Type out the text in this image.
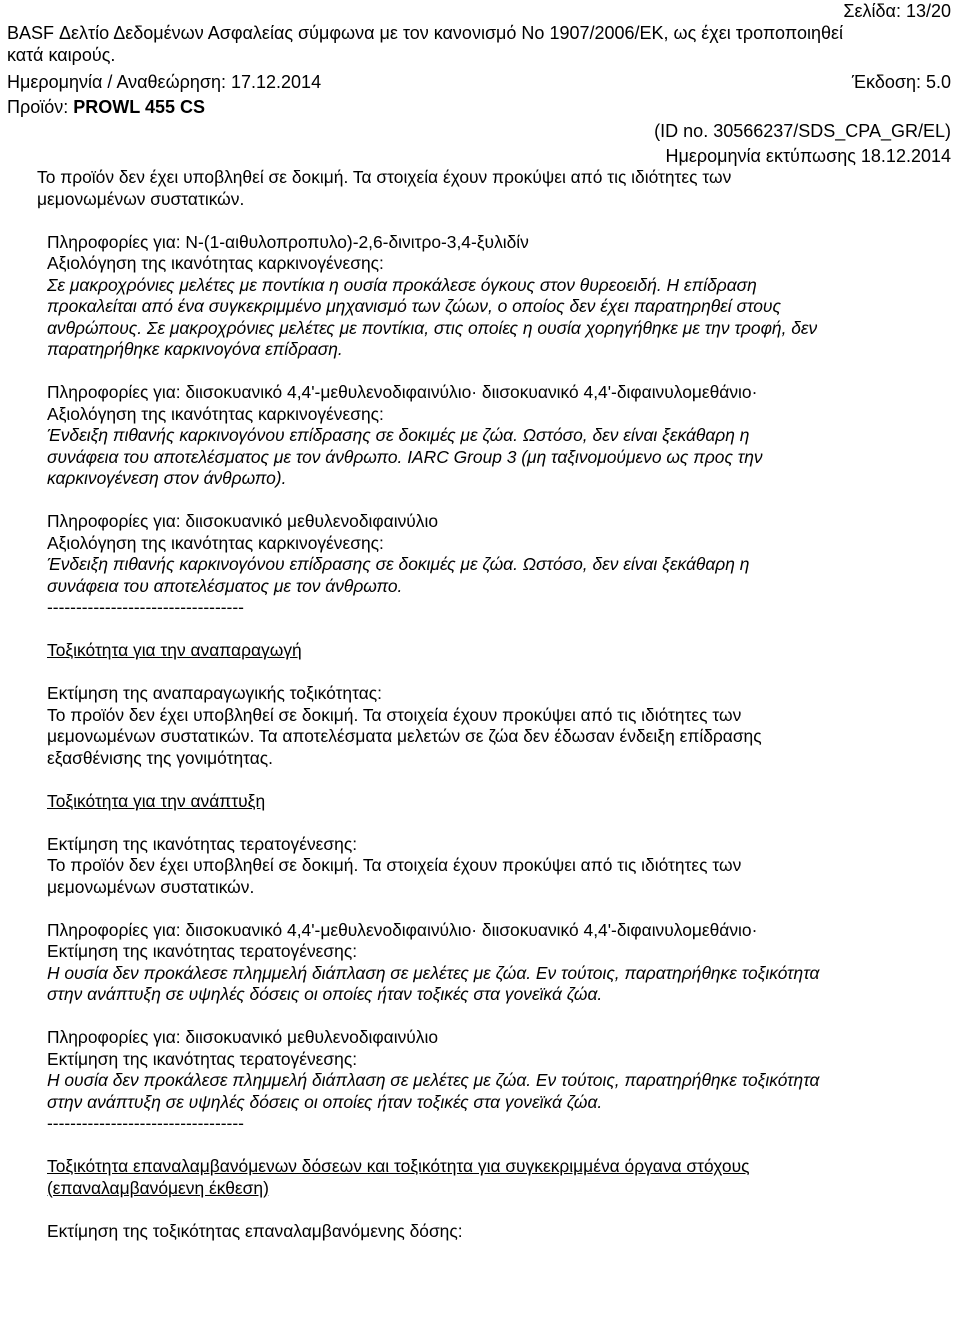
Σελίδα: 13/20
BASF Δελτίο Δεδομένων Ασφαλείας σύμφωνα με τον κανονισμό Νο 1907/2006/ΕΚ, ως έχει τροποποιηθεί
κατά καιρούς.
Ημερομηνία / Αναθεώρηση: 17.12.2014	Έκδοση: 5.0
Προϊόν: PROWL 455 CS
(ID no. 30566237/SDS_CPA_GR/EL)
Ημερομηνία εκτύπωσης 18.12.2014
Το προϊόν δεν έχει υποβληθεί σε δοκιμή. Τα στοιχεία έχουν προκύψει από τις ιδιότητες των
μεμονωμένων συστατικών.
Πληροφορίες για: N-(1-αιθυλοπροπυλο)-2,6-δινιτρο-3,4-ξυλιδίν
Αξιολόγηση της ικανότητας καρκινογένεσης:
Σε μακροχρόνιες μελέτες με ποντίκια η ουσία προκάλεσε όγκους στον θυρεοειδή. Η επίδραση
προκαλείται από ένα συγκεκριμμένο μηχανισμό των ζώων, ο οποίος δεν έχει παρατηρηθεί στους
ανθρώπους. Σε μακροχρόνιες μελέτες με ποντίκια, στις οποίες η ουσία χορηγήθηκε με την τροφή, δεν
παρατηρήθηκε καρκινογόνα επίδραση.
Πληροφορίες για: διισοκυανικό 4,4'-μεθυλενοδιφαινύλιο· διισοκυανικό 4,4'-διφαινυλομεθάνιο·
Αξιολόγηση της ικανότητας καρκινογένεσης:
Ένδειξη πιθανής καρκινογόνου επίδρασης σε δοκιμές με ζώα. Ωστόσο, δεν είναι ξεκάθαρη η
συνάφεια του αποτελέσματος με τον άνθρωπο. IARC Group 3 (μη ταξινομούμενο ως προς την
καρκινογένεση στον άνθρωπο).
Πληροφορίες για: διισοκυανικό μεθυλενοδιφαινύλιο
Αξιολόγηση της ικανότητας καρκινογένεσης:
Ένδειξη πιθανής καρκινογόνου επίδρασης σε δοκιμές με ζώα. Ωστόσο, δεν είναι ξεκάθαρη η
συνάφεια του αποτελέσματος με τον άνθρωπο.
----------------------------------
Τοξικότητα για την αναπαραγωγή
Εκτίμηση της αναπαραγωγικής τοξικότητας:
Το προϊόν δεν έχει υποβληθεί σε δοκιμή. Τα στοιχεία έχουν προκύψει από τις ιδιότητες των
μεμονωμένων συστατικών. Τα αποτελέσματα μελετών σε ζώα δεν έδωσαν ένδειξη επίδρασης
εξασθένισης της γονιμότητας.
Τοξικότητα για την ανάπτυξη
Εκτίμηση της ικανότητας τερατογένεσης:
Το προϊόν δεν έχει υποβληθεί σε δοκιμή. Τα στοιχεία έχουν προκύψει από τις ιδιότητες των
μεμονωμένων συστατικών.
Πληροφορίες για: διισοκυανικό 4,4'-μεθυλενοδιφαινύλιο· διισοκυανικό 4,4'-διφαινυλομεθάνιο·
Εκτίμηση της ικανότητας τερατογένεσης:
Η ουσία δεν προκάλεσε πλημμελή διάπλαση σε μελέτες με ζώα. Εν τούτοις, παρατηρήθηκε τοξικότητα
στην ανάπτυξη σε υψηλές δόσεις οι οποίες ήταν τοξικές στα γονεϊκά ζώα.
Πληροφορίες για: διισοκυανικό μεθυλενοδιφαινύλιο
Εκτίμηση της ικανότητας τερατογένεσης:
Η ουσία δεν προκάλεσε πλημμελή διάπλαση σε μελέτες με ζώα. Εν τούτοις, παρατηρήθηκε τοξικότητα
στην ανάπτυξη σε υψηλές δόσεις οι οποίες ήταν τοξικές στα γονεϊκά ζώα.
----------------------------------
Τοξικότητα επαναλαμβανόμενων δόσεων και τοξικότητα για συγκεκριμμένα όργανα στόχους
(επαναλαμβανόμενη έκθεση)
Εκτίμηση της τοξικότητας επαναλαμβανόμενης δόσης:
